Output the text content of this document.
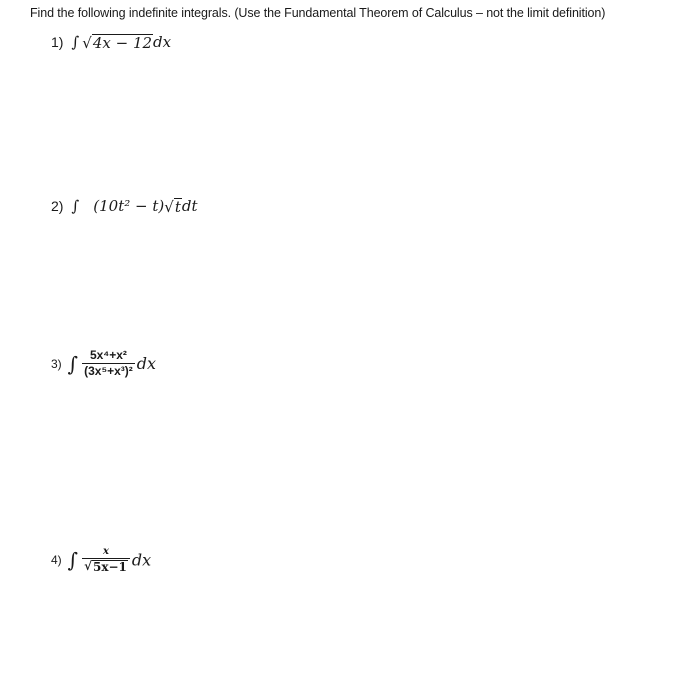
Find the following indefinite integrals. (Use the Fundamental Theorem of Calculus – not the limit definition)
1) ∫ √ 4x − 12 dx
2) ∫ (10t² − t) √ t dt
3) ∫ $\frac{\text{5x⁴+x²}}{\text{(3x⁵+x³)²}}$ dx
4) ∫ $\frac{x}{√ 5x-1}$ dx
